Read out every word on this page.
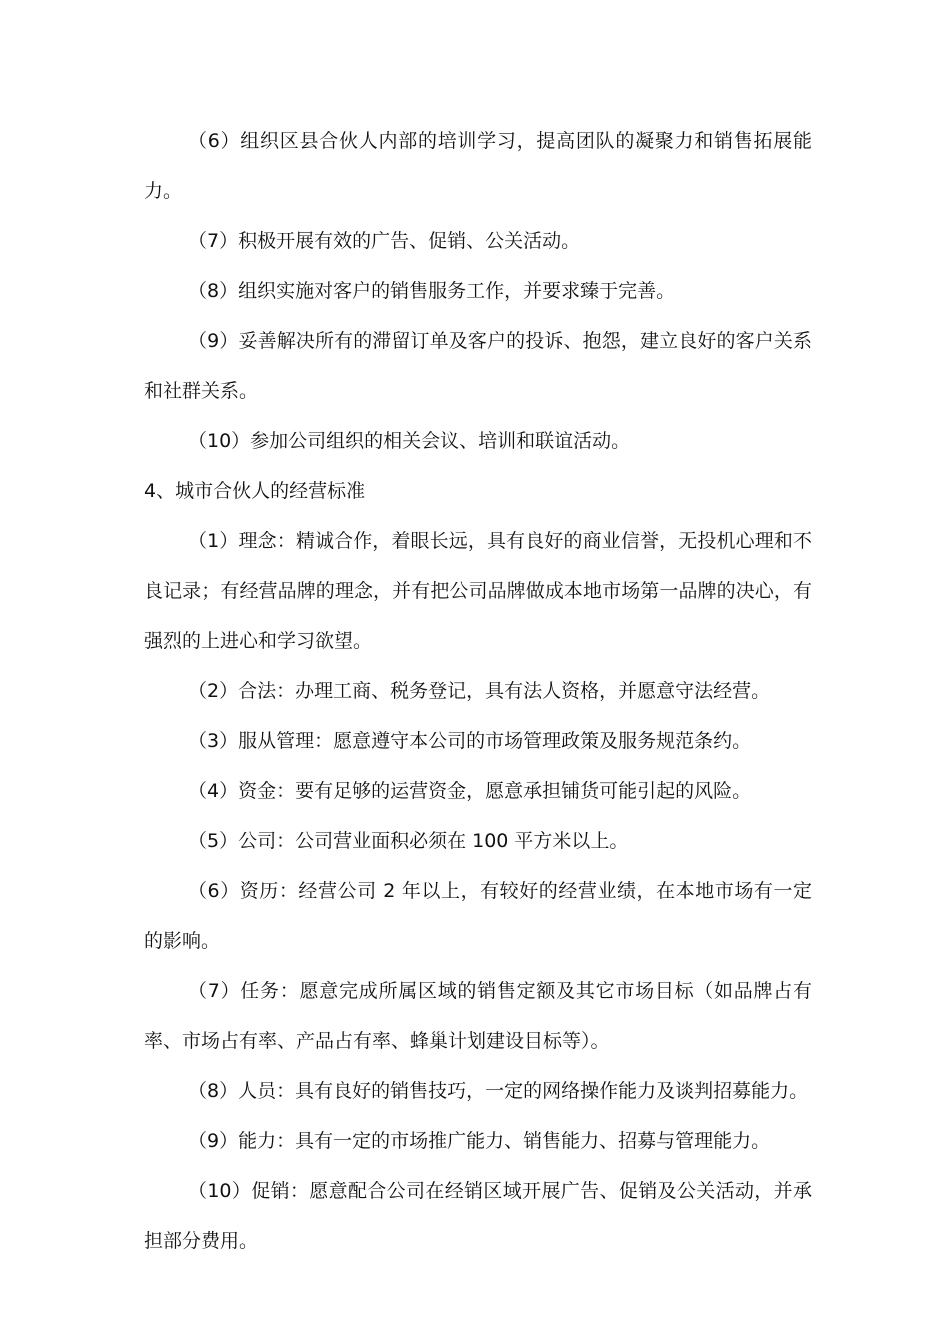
（6）组织区县合伙人内部的培训学习，提高团队的凝聚力和销售拓展能力。

（7）积极开展有效的广告、促销、公关活动。

（8）组织实施对客户的销售服务工作，并要求臻于完善。

（9）妥善解决所有的滞留订单及客户的投诉、抱怨，建立良好的客户关系和社群关系。

（10）参加公司组织的相关会议、培训和联谊活动。

4、城市合伙人的经营标准

（1）理念：精诚合作，着眼长远，具有良好的商业信誉，无投机心理和不良记录；有经营品牌的理念，并有把公司品牌做成本地市场第一品牌的决心，有强烈的上进心和学习欲望。

（2）合法：办理工商、税务登记，具有法人资格，并愿意守法经营。

（3）服从管理：愿意遵守本公司的市场管理政策及服务规范条约。

（4）资金：要有足够的运营资金，愿意承担铺货可能引起的风险。

（5）公司：公司营业面积必须在 100 平方米以上。

（6）资历：经营公司 2 年以上，有较好的经营业绩，在本地市场有一定的影响。

（7）任务：愿意完成所属区域的销售定额及其它市场目标（如品牌占有率、市场占有率、产品占有率、蜂巢计划建设目标等）。

（8）人员：具有良好的销售技巧，一定的网络操作能力及谈判招募能力。

（9）能力：具有一定的市场推广能力、销售能力、招募与管理能力。

（10）促销：愿意配合公司在经销区域开展广告、促销及公关活动，并承担部分费用。
